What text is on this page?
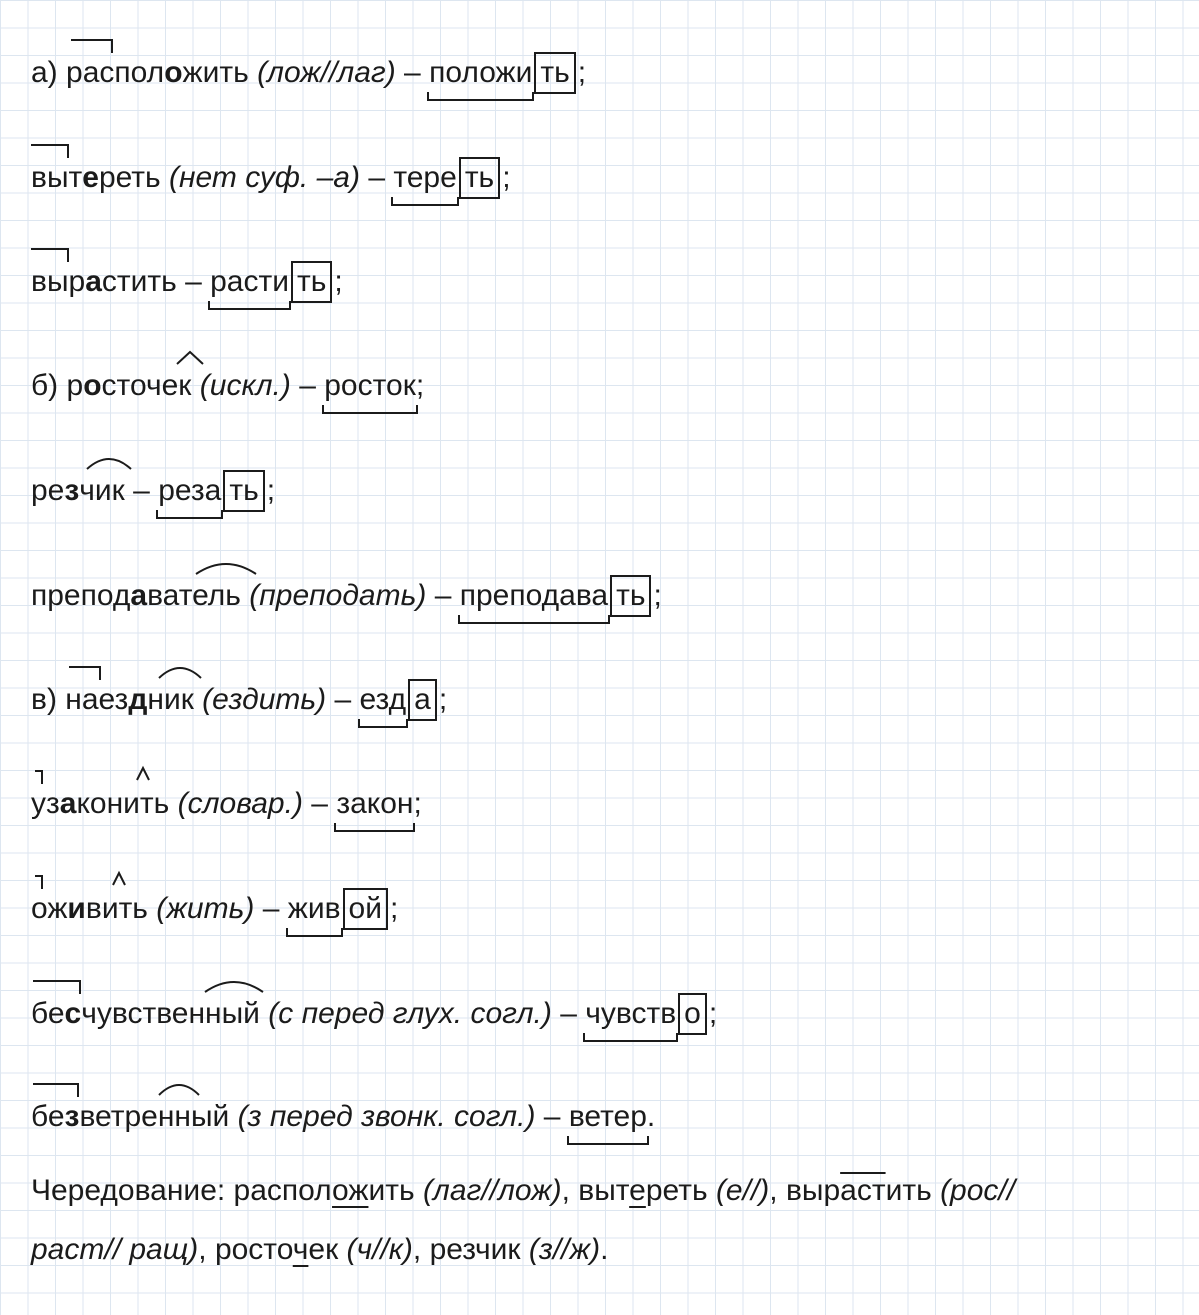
а) расположить (лож//лаг) – положи ть ;
вытереть (нет суф. –а) – тере ть ;
вырастить – расти ть ;
б) росточек (искл.) – росток
;
резчик – реза ть ;
преподаватель (преподать) – преподава ть ;
в) наездник (ездить) – езд а ;
узаконить (словар.) – закон
;
оживить (жить) – жив ой ;
бесчувственный (с перед глух. согл.) – чувств о ;
безветренный (з перед звонк. согл.) – ветер
.
Чередование: расположить (лаг//лож), вытереть (е//), вырастить (рос//
раст// ращ), росточек (ч//к), резчик (з//ж).
